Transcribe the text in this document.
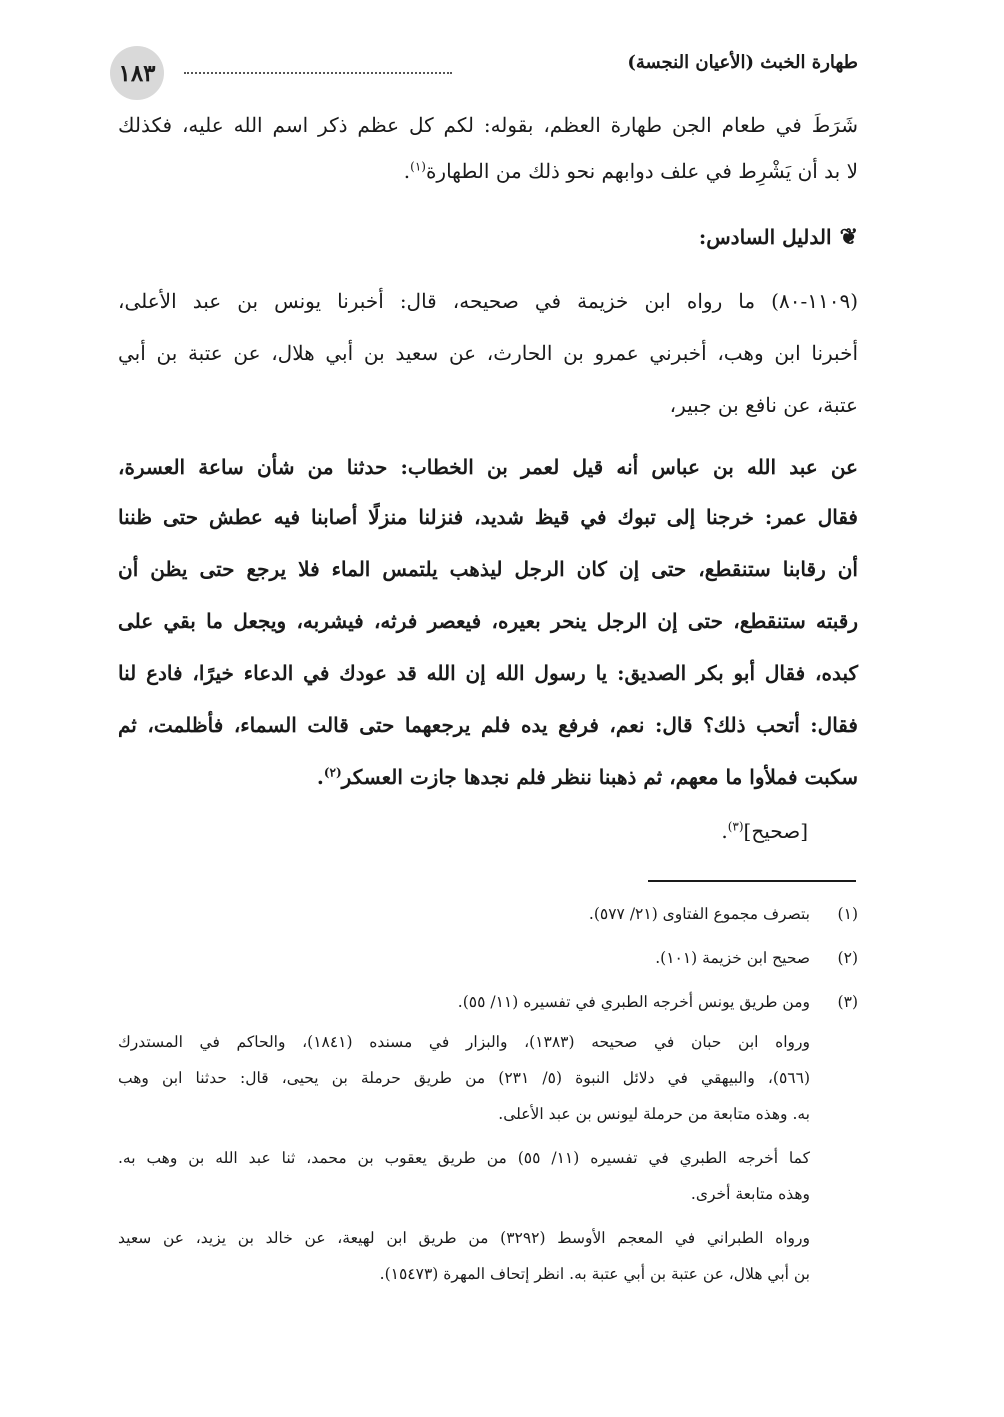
١٨٣	طهارة الخبث (الأعيان النجسة)
شَرَطَ في طعام الجن طهارة العظم، بقوله: لكم كل عظم ذكر اسم الله عليه، فكذلك
لا بد أن يَشْرِط في علف دوابهم نحو ذلك من الطهارة$^{(١)}$.
❦
الدليل السادس:
(١١٠٩-٨٠) ما رواه ابن خزيمة في صحيحه، قال: أخبرنا يونس بن عبد الأعلى،
أخبرنا ابن وهب، أخبرني عمرو بن الحارث، عن سعيد بن أبي هلال، عن عتبة بن أبي
عتبة، عن نافع بن جبير،
عن عبد الله بن عباس أنه قيل لعمر بن الخطاب: حدثنا من شأن ساعة العسرة،
فقال عمر: خرجنا إلى تبوك في قيظ شديد، فنزلنا منزلًا أصابنا فيه عطش حتى ظننا
أن رقابنا ستنقطع، حتى إن كان الرجل ليذهب يلتمس الماء فلا يرجع حتى يظن أن
رقبته ستنقطع، حتى إن الرجل ينحر بعيره، فيعصر فرثه، فيشربه، ويجعل ما بقي على
كبده، فقال أبو بكر الصديق: يا رسول الله إن الله قد عودك في الدعاء خيرًا، فادع لنا
فقال: أتحب ذلك؟ قال: نعم، فرفع يده فلم يرجعهما حتى قالت السماء، فأظلمت، ثم
سكبت فملأوا ما معهم، ثم ذهبنا ننظر فلم نجدها جازت العسكر$^{(٢)}$.
[صحيح]$^{(٣)}$.
(١)
بتصرف مجموع الفتاوى (٢١/ ٥٧٧).
(٢)
صحيح ابن خزيمة (١٠١).
(٣)
ومن طريق يونس أخرجه الطبري في تفسيره (١١/ ٥٥).
ورواه ابن حبان في صحيحه (١٣٨٣)، والبزار في مسنده (١٨٤١)، والحاكم في المستدرك
(٥٦٦)، والبيهقي في دلائل النبوة (٥/ ٢٣١) من طريق حرملة بن يحيى، قال: حدثنا ابن وهب
به. وهذه متابعة من حرملة ليونس بن عبد الأعلى.
كما أخرجه الطبري في تفسيره (١١/ ٥٥) من طريق يعقوب بن محمد، ثنا عبد الله بن وهب به.
وهذه متابعة أخرى.
ورواه الطبراني في المعجم الأوسط (٣٢٩٢) من طريق ابن لهيعة، عن خالد بن يزيد، عن سعيد
بن أبي هلال، عن عتبة بن أبي عتبة به. انظر إتحاف المهرة (١٥٤٧٣).
